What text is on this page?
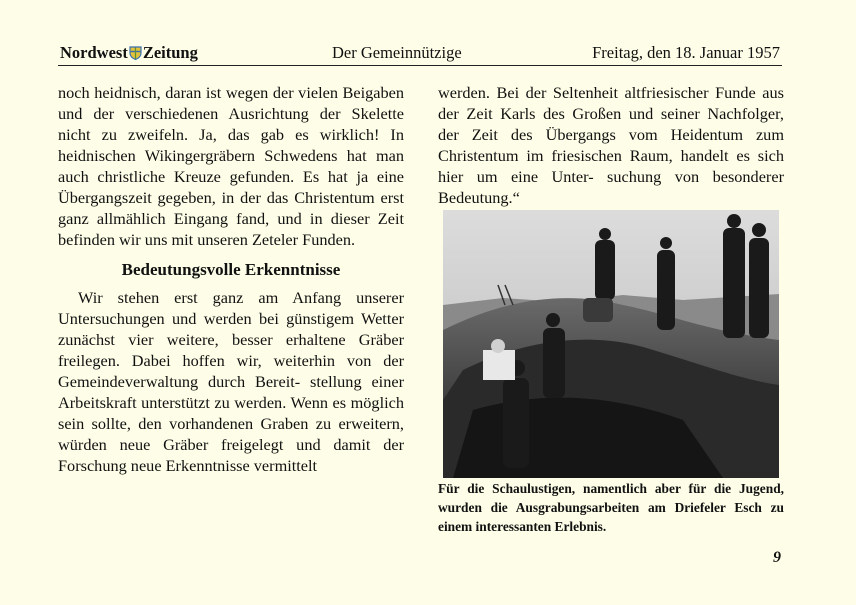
Nordwest Zeitung	Der Gemeinnützige	Freitag, den 18. Januar 1957

noch heidnisch, daran ist wegen der vielen Beigaben und der verschiedenen Ausrichtung der Skelette nicht zu zweifeln. Ja, das gab es wirklich! In heidnischen Wikingergräbern Schwedens hat man auch christliche Kreuze gefunden. Es hat ja eine Übergangszeit gegeben, in der das Christentum erst ganz allmählich Eingang fand, und in dieser Zeit befinden wir uns mit unseren Zeteler Funden.

Bedeutungsvolle Erkenntnisse

Wir stehen erst ganz am Anfang unserer Untersuchungen und werden bei günstigem Wetter zunächst vier weitere, besser erhaltene Gräber freilegen. Dabei hoffen wir, weiterhin von der Gemeindeverwaltung durch Bereit- stellung einer Arbeitskraft unterstützt zu werden. Wenn es möglich sein sollte, den vorhandenen Graben zu erweitern, würden neue Gräber freigelegt und damit der Forschung neue Erkenntnisse vermittelt

werden. Bei der Seltenheit altfriesischer Funde aus der Zeit Karls des Großen und seiner Nachfolger, der Zeit des Übergangs vom Heidentum zum Christentum im friesischen Raum, handelt es sich hier um eine Unter- suchung von besonderer Bedeutung.“

Für die Schaulustigen, namentlich aber für die Jugend, wurden die Ausgrabungsarbeiten am Driefeler Esch zu einem interessanten Erlebnis.
9
